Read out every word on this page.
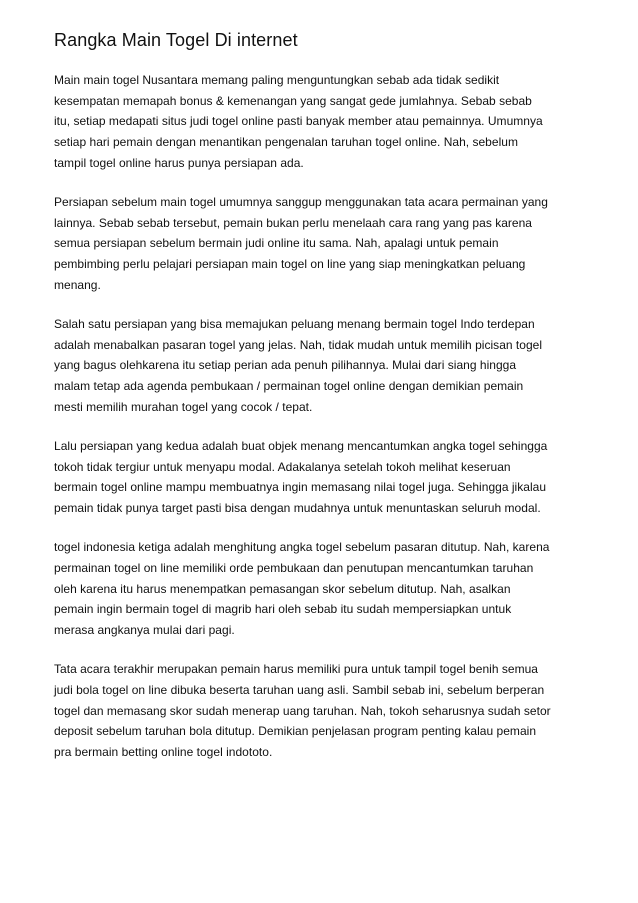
Rangka Main Togel Di internet

Main main togel Nusantara memang paling menguntungkan sebab ada tidak sedikit
kesempatan memapah bonus & kemenangan yang sangat gede jumlahnya. Sebab sebab
itu, setiap medapati situs judi togel online pasti banyak member atau pemainnya. Umumnya
setiap hari pemain dengan menantikan pengenalan taruhan togel online. Nah, sebelum
tampil togel online harus punya persiapan ada.

Persiapan sebelum main togel umumnya sanggup menggunakan tata acara permainan yang
lainnya. Sebab sebab tersebut, pemain bukan perlu menelaah cara rang yang pas karena
semua persiapan sebelum bermain judi online itu sama. Nah, apalagi untuk pemain
pembimbing perlu pelajari persiapan main togel on line yang siap meningkatkan peluang
menang.

Salah satu persiapan yang bisa memajukan peluang menang bermain togel Indo terdepan
adalah menabalkan pasaran togel yang jelas. Nah, tidak mudah untuk memilih picisan togel
yang bagus olehkarena itu setiap perian ada penuh pilihannya. Mulai dari siang hingga
malam tetap ada agenda pembukaan / permainan togel online dengan demikian pemain
mesti memilih murahan togel yang cocok / tepat.

Lalu persiapan yang kedua adalah buat objek menang mencantumkan angka togel sehingga
tokoh tidak tergiur untuk menyapu modal. Adakalanya setelah tokoh melihat keseruan
bermain togel online mampu membuatnya ingin memasang nilai togel juga. Sehingga jikalau
pemain tidak punya target pasti bisa dengan mudahnya untuk menuntaskan seluruh modal.

togel indonesia ketiga adalah menghitung angka togel sebelum pasaran ditutup. Nah, karena
permainan togel on line memiliki orde pembukaan dan penutupan mencantumkan taruhan
oleh karena itu harus menempatkan pemasangan skor sebelum ditutup. Nah, asalkan
pemain ingin bermain togel di magrib hari oleh sebab itu sudah mempersiapkan untuk
merasa angkanya mulai dari pagi.

Tata acara terakhir merupakan pemain harus memiliki pura untuk tampil togel benih semua
judi bola togel on line dibuka beserta taruhan uang asli. Sambil sebab ini, sebelum berperan
togel dan memasang skor sudah menerap uang taruhan. Nah, tokoh seharusnya sudah setor
deposit sebelum taruhan bola ditutup. Demikian penjelasan program penting kalau pemain
pra bermain betting online togel indototo.
